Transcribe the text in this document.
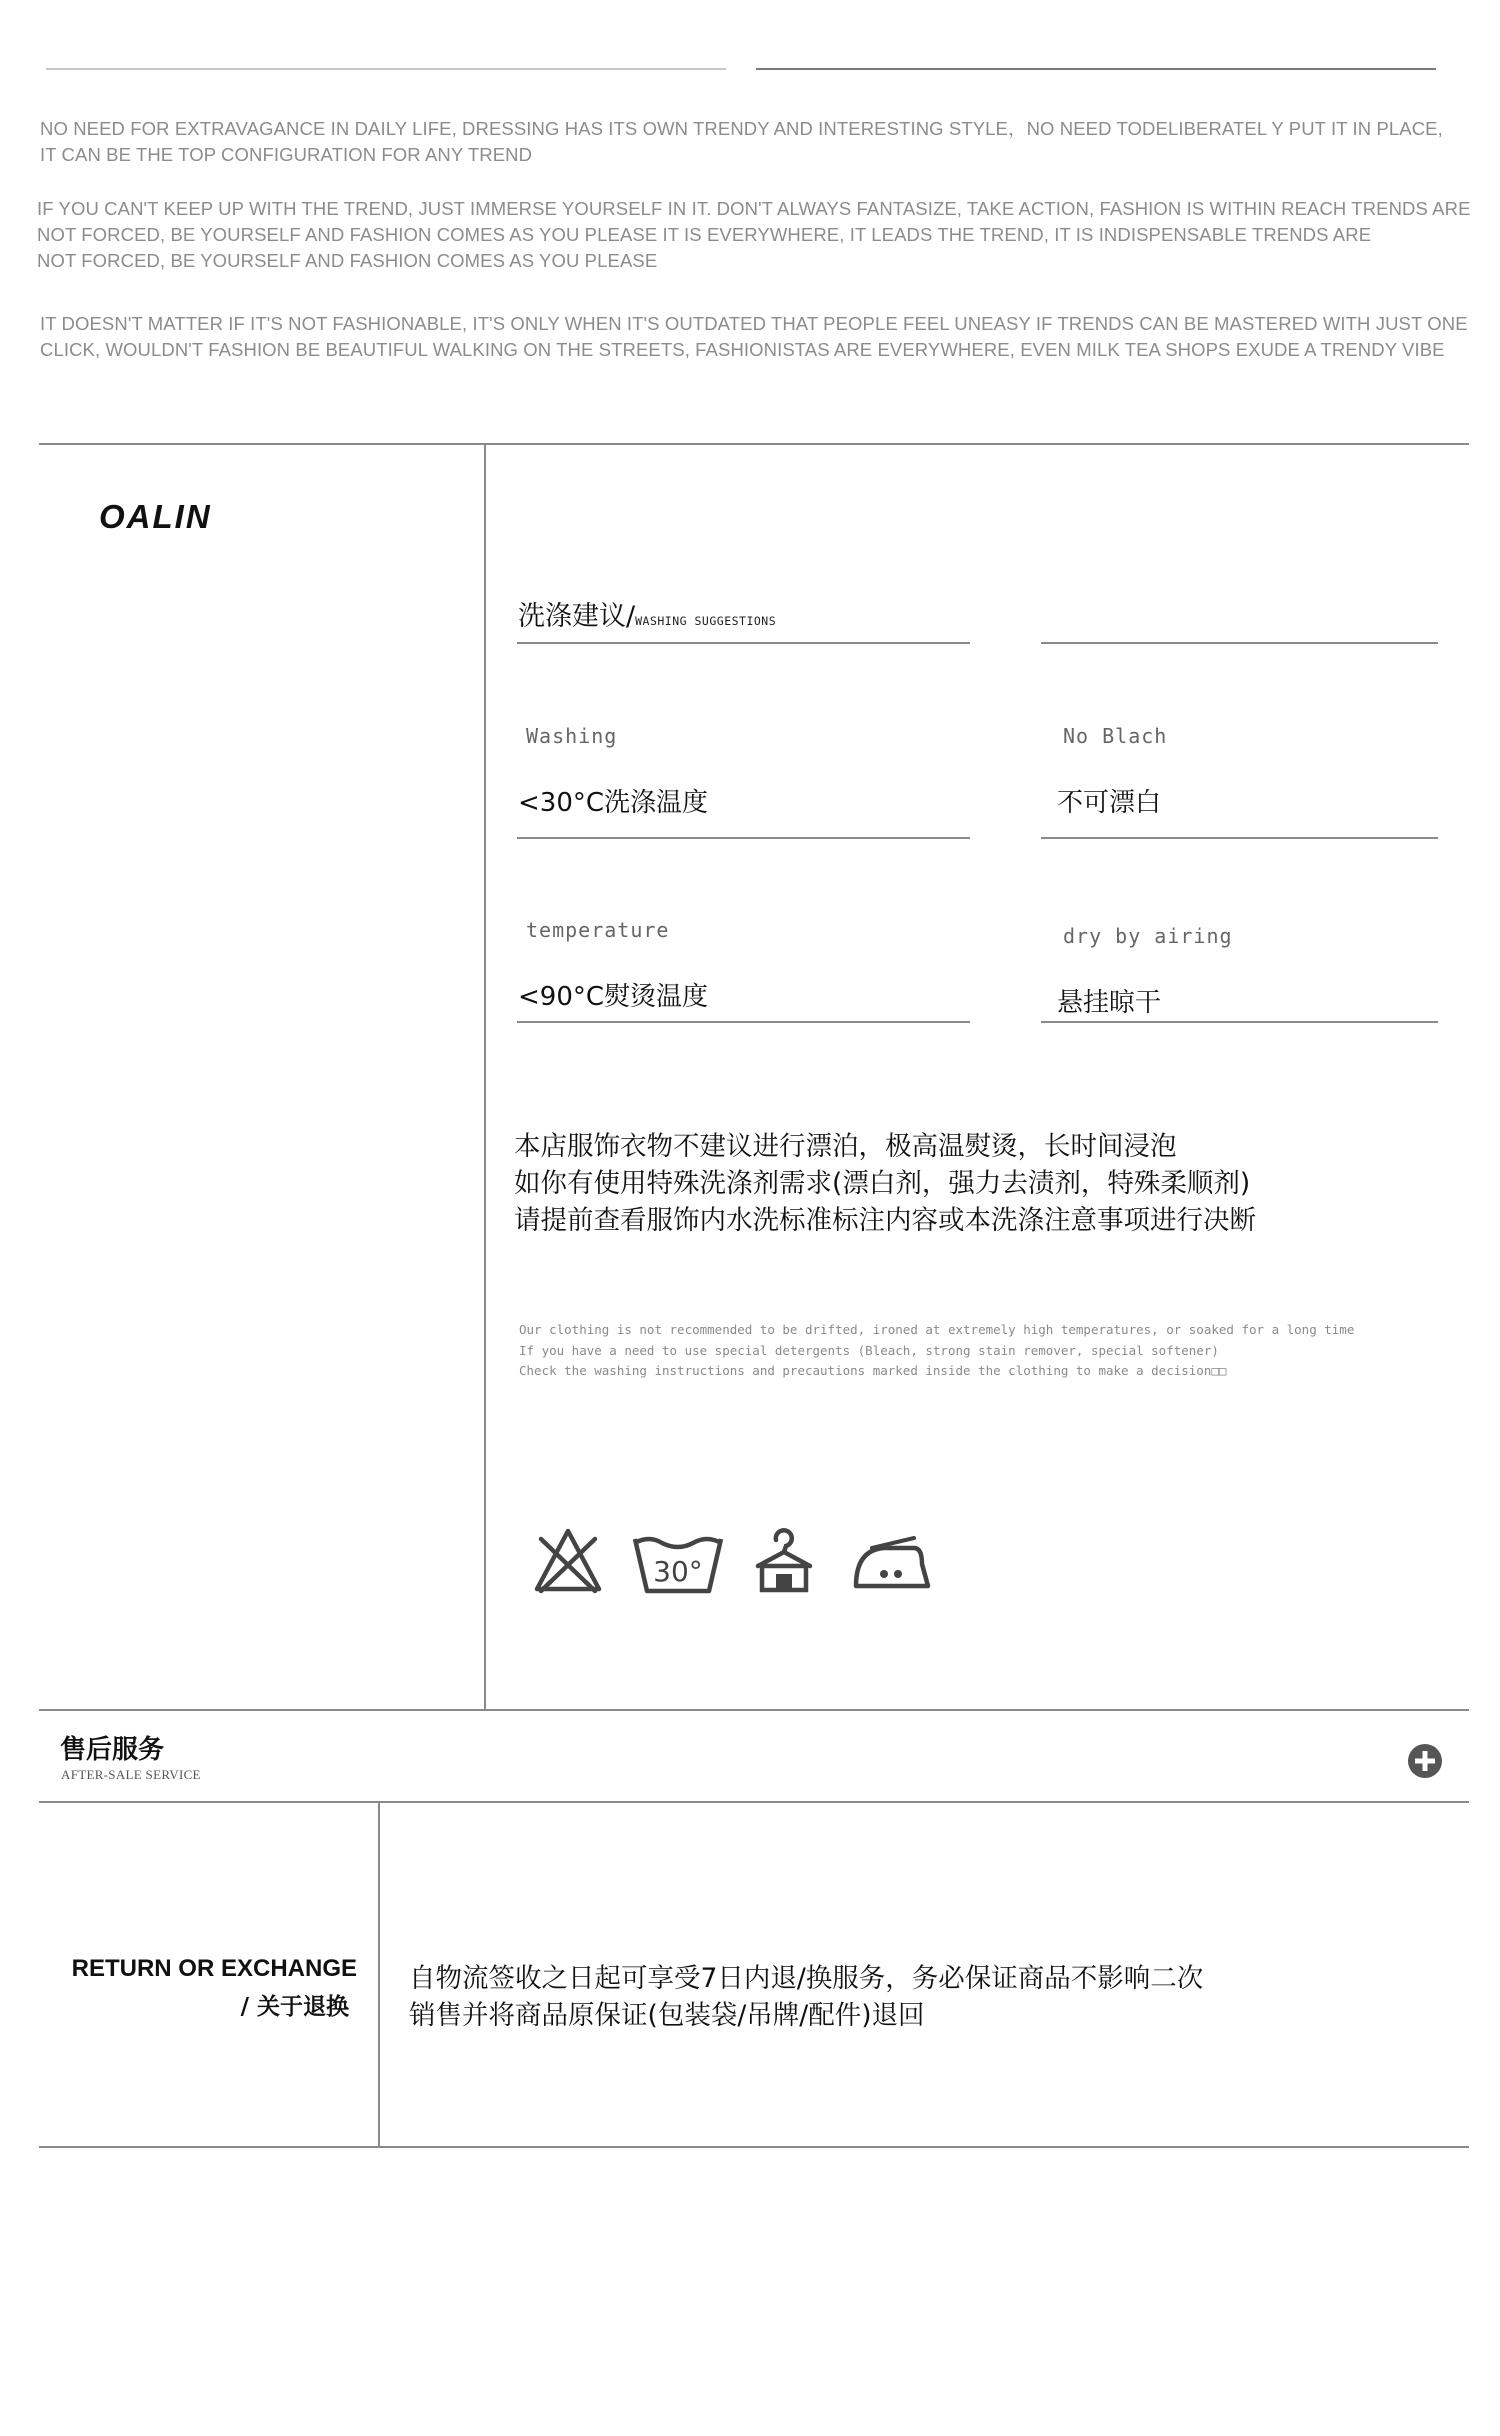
NO NEED FOR EXTRAVAGANCE IN DAILY LIFE, DRESSING HAS ITS OWN TRENDY AND INTERESTING STYLE，NO NEED TODELIBERATEL Y PUT IT IN PLACE,
IT CAN BE THE TOP CONFIGURATION FOR ANY TREND
IF YOU CAN'T KEEP UP WITH THE TREND, JUST IMMERSE YOURSELF IN IT. DON'T ALWAYS FANTASIZE, TAKE ACTION, FASHION IS WITHIN REACH TRENDS ARE
NOT FORCED, BE YOURSELF AND FASHION COMES AS YOU PLEASE IT IS EVERYWHERE, IT LEADS THE TREND, IT IS INDISPENSABLE TRENDS ARE
NOT FORCED, BE YOURSELF AND FASHION COMES AS YOU PLEASE
IT DOESN'T MATTER IF IT'S NOT FASHIONABLE, IT'S ONLY WHEN IT'S OUTDATED THAT PEOPLE FEEL UNEASY IF TRENDS CAN BE MASTERED WITH JUST ONE
CLICK, WOULDN'T FASHION BE BEAUTIFUL WALKING ON THE STREETS, FASHIONISTAS ARE EVERYWHERE, EVEN MILK TEA SHOPS EXUDE A TRENDY VIBE
OALIN
洗涤建议/WASHING SUGGESTIONS
Washing
<30°C洗涤温度
No Blach
不可漂白
temperature
<90°C熨烫温度
dry by airing
悬挂晾干
本店服饰衣物不建议进行漂泊，极高温熨烫，长时间浸泡
如你有使用特殊洗涤剂需求(漂白剂，强力去渍剂，特殊柔顺剂)
请提前查看服饰内水洗标准标注内容或本洗涤注意事项进行决断
Our clothing is not recommended to be drifted, ironed at extremely high temperatures, or soaked for a long time
If you have a need to use special detergents (Bleach, strong stain remover, special softener)
Check the washing instructions and precautions marked inside the clothing to make a decision□□
30°
售后服务
AFTER-SALE SERVICE
RETURN OR EXCHANGE
/ 关于退换
自物流签收之日起可享受7日内退/换服务，务必保证商品不影响二次
销售并将商品原保证(包装袋/吊牌/配件)退回
